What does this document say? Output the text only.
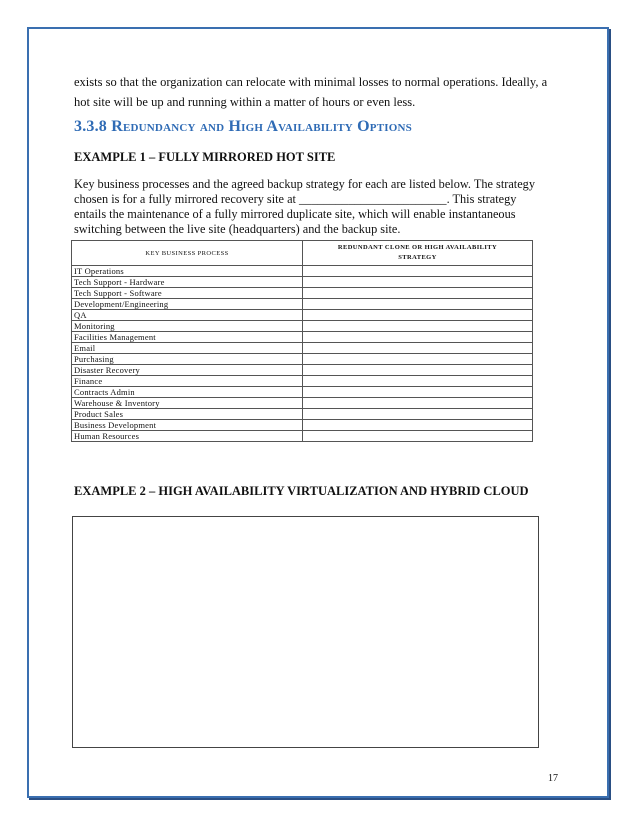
exists so that the organization can relocate with minimal losses to normal operations. Ideally, a
hot site will be up and running within a matter of hours or even less.

3.3.8 Redundancy and High Availability Options
EXAMPLE 1 – FULLY MIRRORED HOT SITE

Key business processes and the agreed backup strategy for each are listed below. The strategy
chosen is for a fully mirrored recovery site at ________________________. This strategy
entails the maintenance of a fully mirrored duplicate site, which will enable instantaneous
switching between the live site (headquarters) and the backup site.

KEY BUSINESS PROCESS	REDUNDANT CLONE OR HIGH AVAILABILITY
STRATEGY
IT Operations	
Tech Support - Hardware	
Tech Support - Software	
Development/Engineering	
QA	
Monitoring	
Facilities Management	
Email	
Purchasing	
Disaster Recovery	
Finance	
Contracts Admin	
Warehouse & Inventory	
Product Sales	
Business Development	
Human Resources	
EXAMPLE 2 – HIGH AVAILABILITY VIRTUALIZATION AND HYBRID CLOUD

17
